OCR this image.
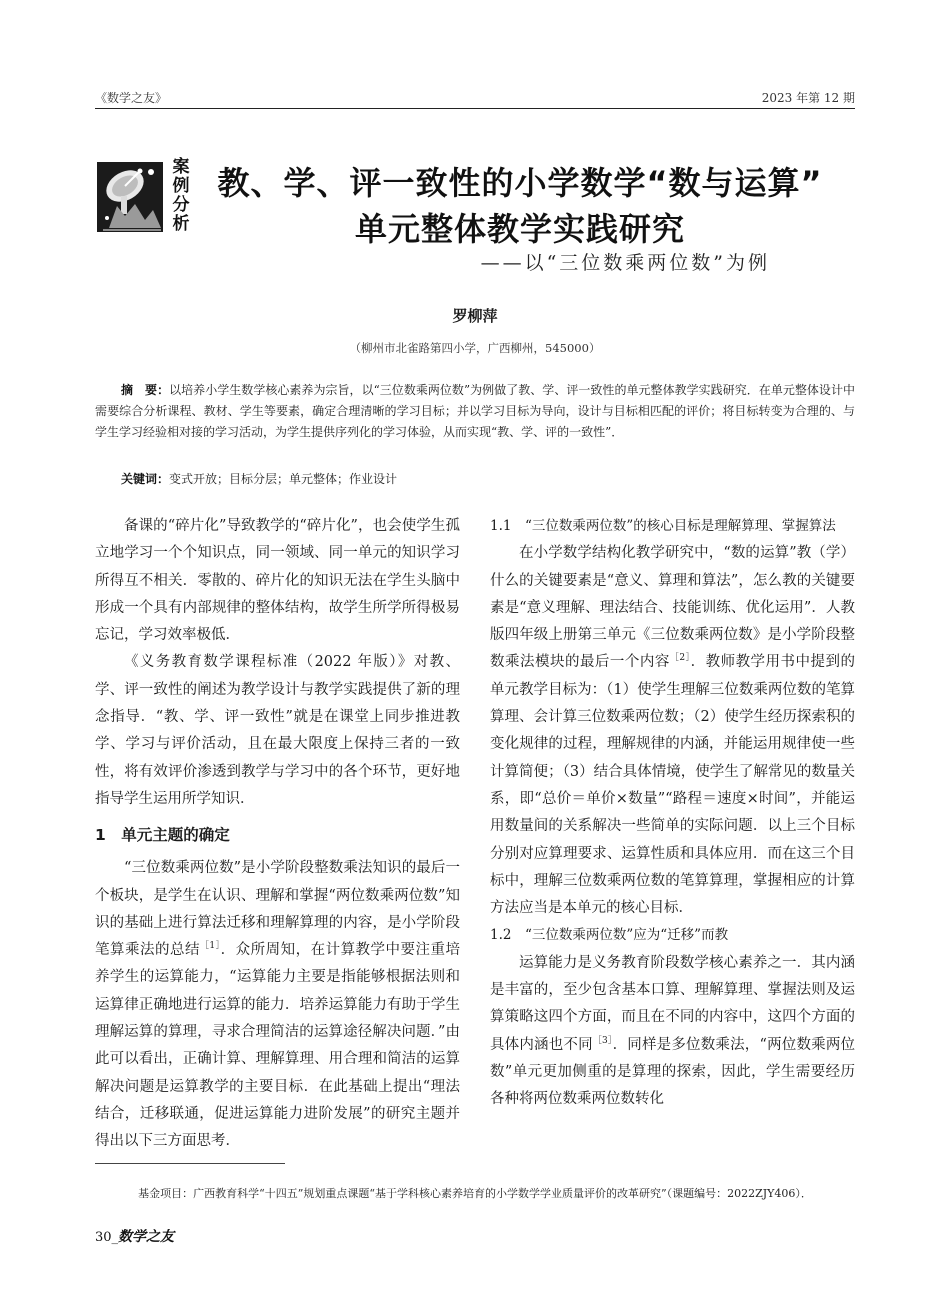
《数学之友》	2023 年第 12 期
案
例
分
析
教、学、评一致性的小学数学“数与运算”
单元整体教学实践研究
——以“三位数乘两位数”为例
罗柳萍
（柳州市北雀路第四小学，广西柳州，545000）
摘　要：以培养小学生数学核心素养为宗旨，以“三位数乘两位数”为例做了教、学、评一致性的单元整体教学实践研究．在单元整体设计中需要综合分析课程、教材、学生等要素，确定合理清晰的学习目标；并以学习目标为导向，设计与目标相匹配的评价；将目标转变为合理的、与学生学习经验相对接的学习活动，为学生提供序列化的学习体验，从而实现“教、学、评的一致性”．
关键词：变式开放；目标分层；单元整体；作业设计

备课的“碎片化”导致教学的“碎片化”，也会使学生孤立地学习一个个知识点，同一领域、同一单元的知识学习所得互不相关．零散的、碎片化的知识无法在学生头脑中形成一个具有内部规律的整体结构，故学生所学所得极易忘记，学习效率极低．

《义务教育数学课程标准（2022 年版）》对教、学、评一致性的阐述为教学设计与教学实践提供了新的理念指导．“教、学、评一致性”就是在课堂上同步推进教学、学习与评价活动，且在最大限度上保持三者的一致性，将有效评价渗透到教学与学习中的各个环节，更好地指导学生运用所学知识．

1　单元主题的确定

“三位数乘两位数”是小学阶段整数乘法知识的最后一个板块，是学生在认识、理解和掌握“两位数乘两位数”知识的基础上进行算法迁移和理解算理的内容，是小学阶段笔算乘法的总结$^{[1]}$．众所周知，在计算教学中要注重培养学生的运算能力，“运算能力主要是指能够根据法则和运算律正确地进行运算的能力．培养运算能力有助于学生理解运算的算理，寻求合理简洁的运算途径解决问题．”由此可以看出，正确计算、理解算理、用合理和简洁的运算解决问题是运算教学的主要目标．在此基础上提出“理法结合，迁移联通，促进运算能力进阶发展”的研究主题并得出以下三方面思考．

1.1　“三位数乘两位数”的核心目标是理解算理、掌握算法

在小学数学结构化教学研究中，“数的运算”教（学）什么的关键要素是“意义、算理和算法”，怎么教的关键要素是“意义理解、理法结合、技能训练、优化运用”．人教版四年级上册第三单元《三位数乘两位数》是小学阶段整数乘法模块的最后一个内容$^{[2]}$．教师教学用书中提到的单元教学目标为：（1）使学生理解三位数乘两位数的笔算算理、会计算三位数乘两位数；（2）使学生经历探索积的变化规律的过程，理解规律的内涵，并能运用规律使一些计算简便；（3）结合具体情境，使学生了解常见的数量关系，即“总价＝单价×数量”“路程＝速度×时间”，并能运用数量间的关系解决一些简单的实际问题．以上三个目标分别对应算理要求、运算性质和具体应用．而在这三个目标中，理解三位数乘两位数的笔算算理，掌握相应的计算方法应当是本单元的核心目标．

1.2　“三位数乘两位数”应为“迁移”而教

运算能力是义务教育阶段数学核心素养之一．其内涵是丰富的，至少包含基本口算、理解算理、掌握法则及运算策略这四个方面，而且在不同的内容中，这四个方面的具体内涵也不同$^{[3]}$．同样是多位数乘法，“两位数乘两位数”单元更加侧重的是算理的探索，因此，学生需要经历各种将两位数乘两位数转化

基金项目：广西教育科学“十四五”规划重点课题“基于学科核心素养培育的小学数学学业质量评价的改革研究”（课题编号：2022ZJY406）．
30_数学之友
